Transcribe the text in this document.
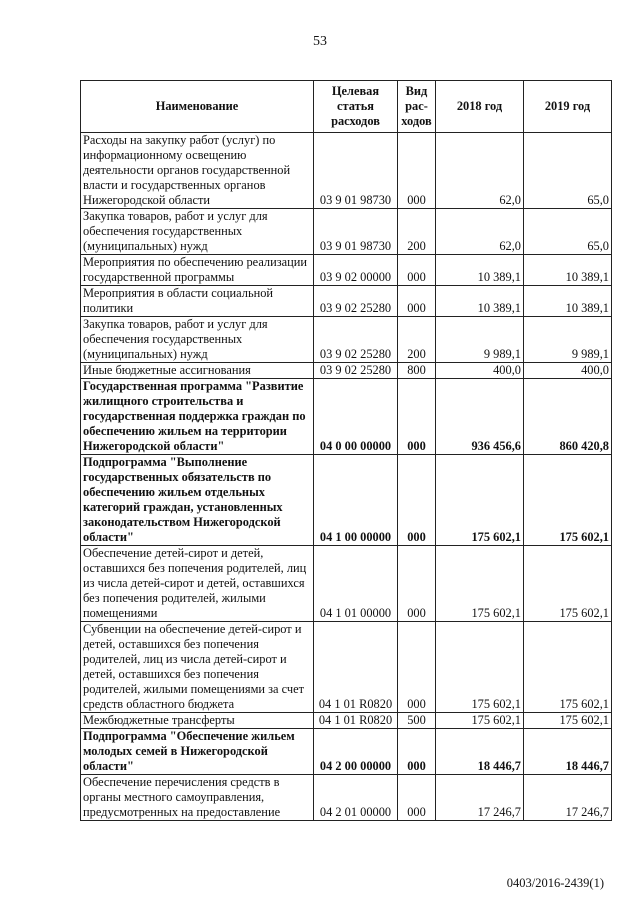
53
Наименование	Целевая статья расходов	Вид рас-ходов	2018 год	2019 год
Расходы на закупку работ (услуг) по информационному освещению деятельности органов государственной власти и государственных органов Нижегородской области	03 9 01 98730	000	62,0	65,0
Закупка товаров, работ и услуг для обеспечения государственных (муниципальных) нужд	03 9 01 98730	200	62,0	65,0
Мероприятия по обеспечению реализации государственной программы	03 9 02 00000	000	10 389,1	10 389,1
Мероприятия в области социальной политики	03 9 02 25280	000	10 389,1	10 389,1
Закупка товаров, работ и услуг для обеспечения государственных (муниципальных) нужд	03 9 02 25280	200	9 989,1	9 989,1
Иные бюджетные ассигнования	03 9 02 25280	800	400,0	400,0
Государственная программа "Развитие жилищного строительства и государственная поддержка граждан по обеспечению жильем на территории Нижегородской области"	04 0 00 00000	000	936 456,6	860 420,8
Подпрограмма "Выполнение государственных обязательств по обеспечению жильем отдельных категорий граждан, установленных законодательством Нижегородской области"	04 1 00 00000	000	175 602,1	175 602,1
Обеспечение детей-сирот и детей, оставшихся без попечения родителей, лиц из числа детей-сирот и детей, оставшихся без попечения родителей, жилыми помещениями	04 1 01 00000	000	175 602,1	175 602,1
Субвенции на обеспечение детей-сирот и детей, оставшихся без попечения родителей, лиц из числа детей-сирот и детей, оставшихся без попечения родителей, жилыми помещениями за счет средств областного бюджета	04 1 01 R0820	000	175 602,1	175 602,1
Межбюджетные трансферты	04 1 01 R0820	500	175 602,1	175 602,1
Подпрограмма "Обеспечение жильем молодых семей в Нижегородской области"	04 2 00 00000	000	18 446,7	18 446,7
Обеспечение перечисления средств в органы местного самоуправления, предусмотренных на предоставление	04 2 01 00000	000	17 246,7	17 246,7
0403/2016-2439(1)
